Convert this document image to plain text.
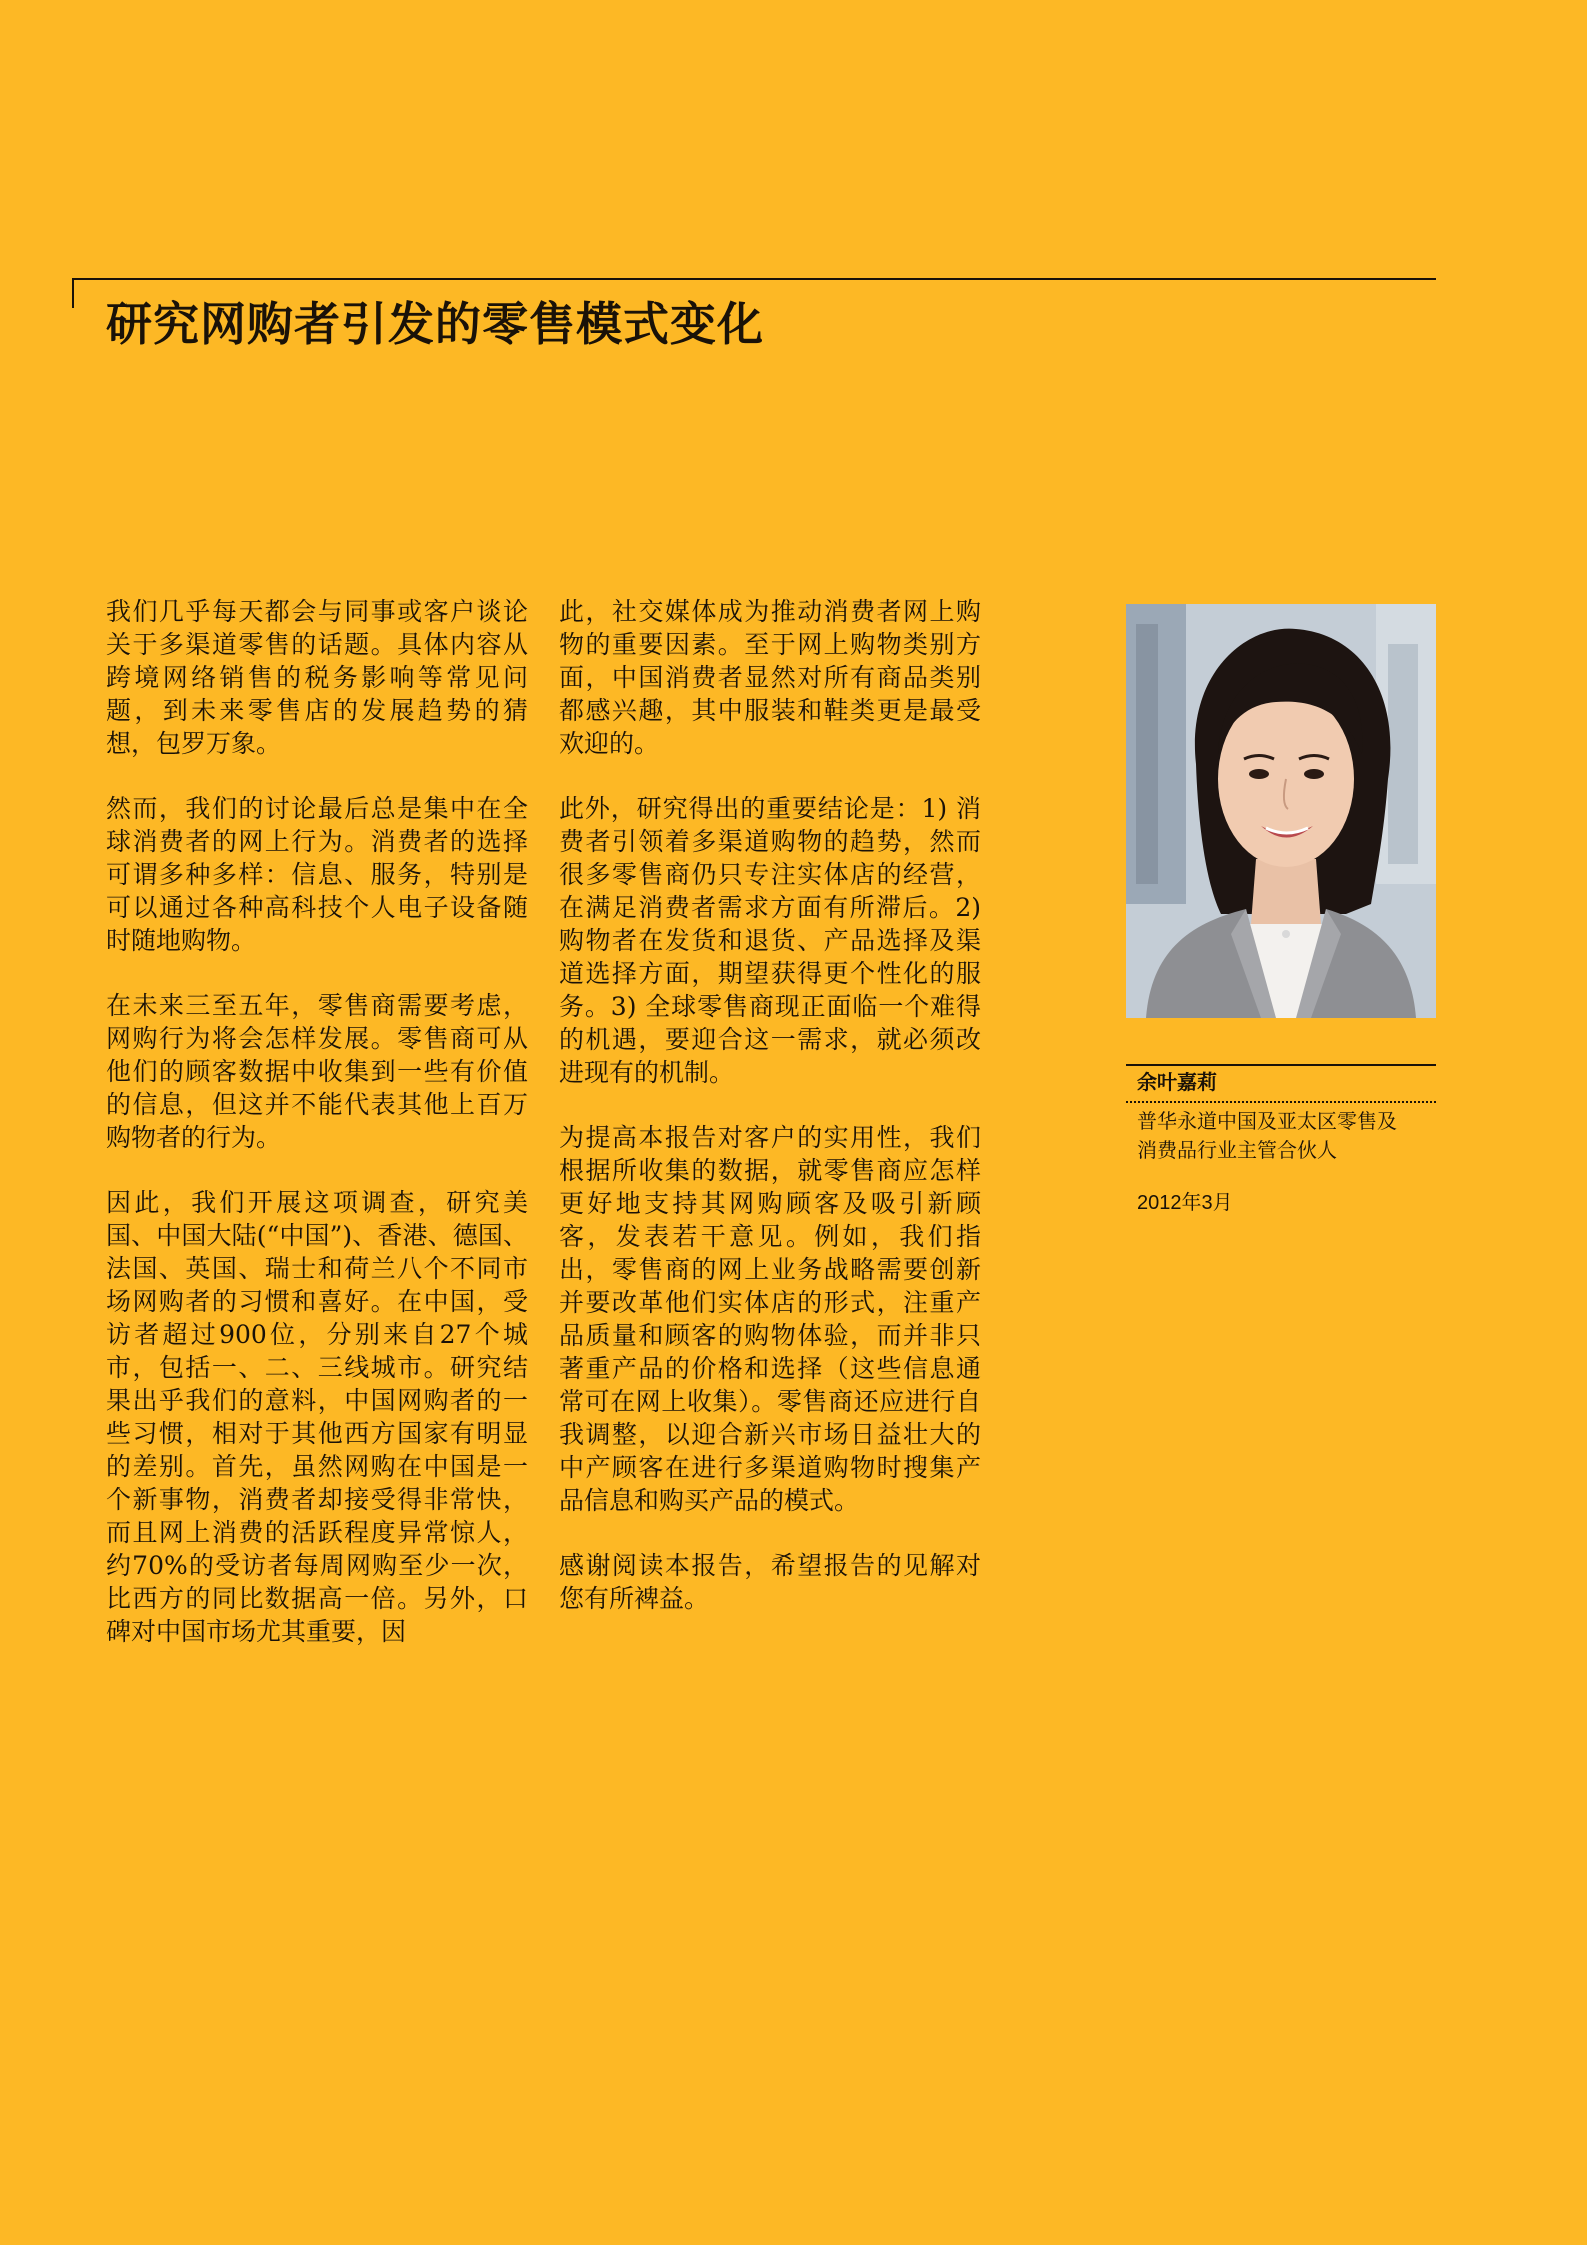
研究网购者引发的零售模式变化

我们几乎每天都会与同事或客户谈论关于多渠道零售的话题。具体内容从跨境网络销售的税务影响等常见问题，到未来零售店的发展趋势的猜想，包罗万象。

然而，我们的讨论最后总是集中在全球消费者的网上行为。消费者的选择可谓多种多样：信息、服务，特别是可以通过各种高科技个人电子设备随时随地购物。

在未来三至五年，零售商需要考虑，网购行为将会怎样发展。零售商可从他们的顾客数据中收集到一些有价值的信息，但这并不能代表其他上百万购物者的行为。

因此，我们开展这项调查，研究美国、中国大陆(“中国”)、香港、德国、法国、英国、瑞士和荷兰八个不同市场网购者的习惯和喜好。在中国，受访者超过900位，分别来自27个城市，包括一、二、三线城市。研究结果出乎我们的意料，中国网购者的一些习惯，相对于其他西方国家有明显的差别。首先，虽然网购在中国是一个新事物，消费者却接受得非常快，而且网上消费的活跃程度异常惊人，约70%的受访者每周网购至少一次，比西方的同比数据高一倍。另外，口碑对中国市场尤其重要，因

此，社交媒体成为推动消费者网上购物的重要因素。至于网上购物类别方面，中国消费者显然对所有商品类别都感兴趣，其中服装和鞋类更是最受欢迎的。

此外，研究得出的重要结论是：1) 消费者引领着多渠道购物的趋势，然而很多零售商仍只专注实体店的经营，在满足消费者需求方面有所滞后。2) 购物者在发货和退货、产品选择及渠道选择方面，期望获得更个性化的服务。3) 全球零售商现正面临一个难得的机遇，要迎合这一需求，就必须改进现有的机制。

为提高本报告对客户的实用性，我们根据所收集的数据，就零售商应怎样更好地支持其网购顾客及吸引新顾客，发表若干意见。例如，我们指出，零售商的网上业务战略需要创新并要改革他们实体店的形式，注重产品质量和顾客的购物体验，而并非只著重产品的价格和选择（这些信息通常可在网上收集）。零售商还应进行自我调整，以迎合新兴市场日益壮大的中产顾客在进行多渠道购物时搜集产品信息和购买产品的模式。

感谢阅读本报告，希望报告的见解对您有所裨益。

余叶嘉莉
普华永道中国及亚太区零售及
消费品行业主管合伙人
2012年3月
